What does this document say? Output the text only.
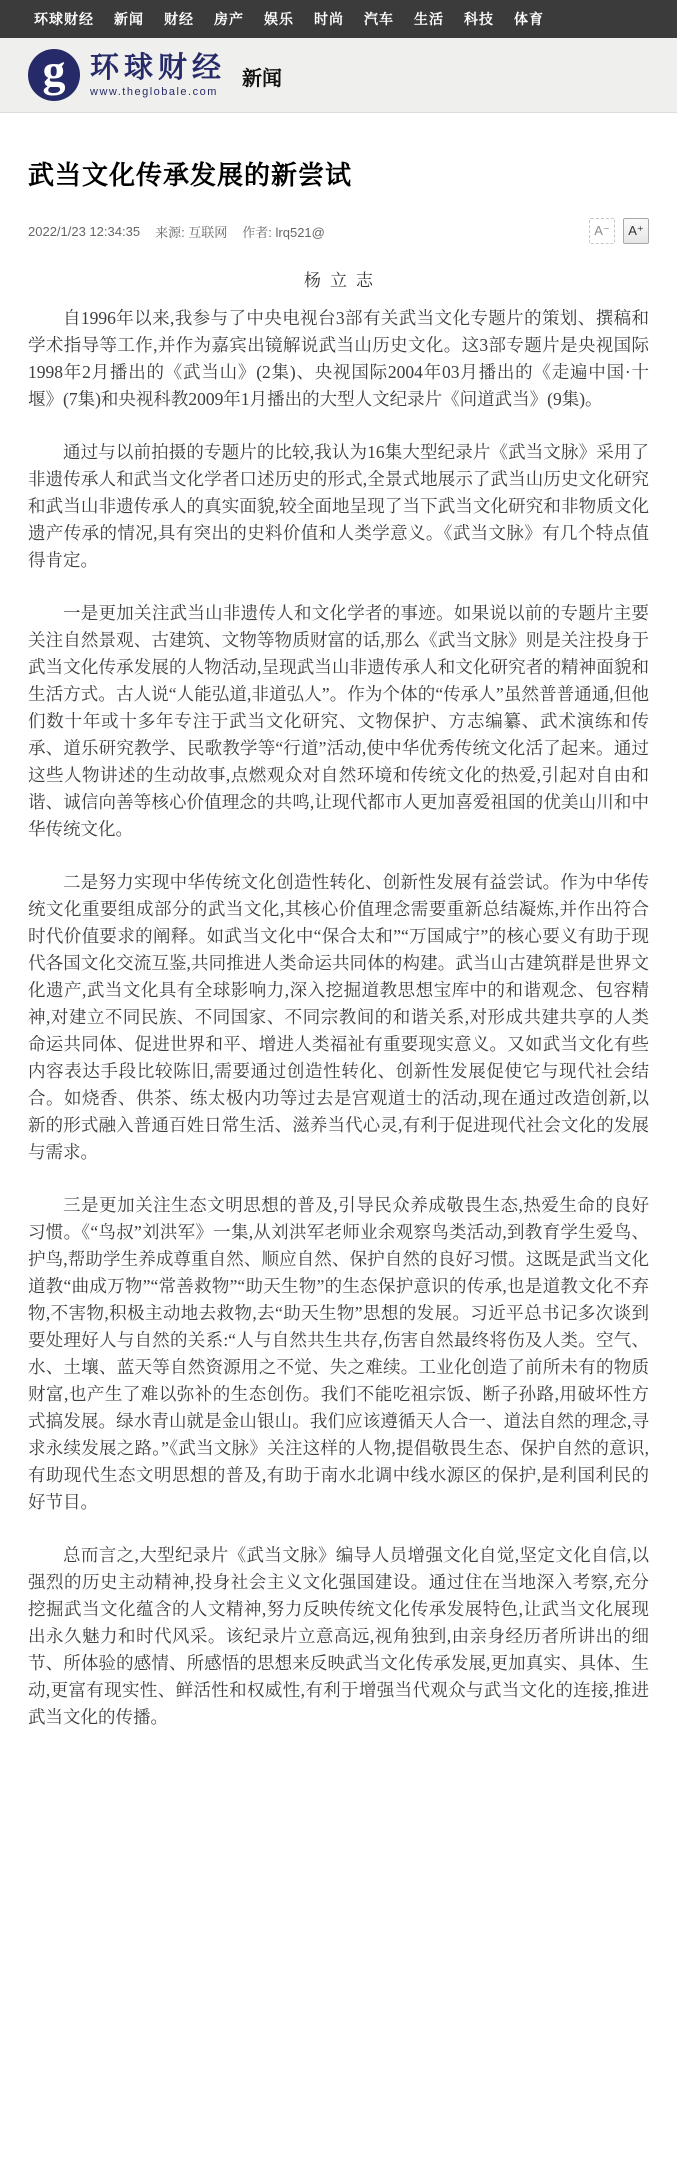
环球财经 新闻 财经 房产 娱乐 时尚 汽车 生活 科技 体育
g 环球财经
www.theglobale.com
新闻
武当文化传承发展的新尝试
2022/1/23 12:34:35 来源: 互联网 作者: lrq521@	A⁻	A⁺
杨立志

自1996年以来,我参与了中央电视台3部有关武当文化专题片的策划、撰稿和学术指导等工作,并作为嘉宾出镜解说武当山历史文化。这3部专题片是央视国际1998年2月播出的《武当山》(2集)、央视国际2004年03月播出的《走遍中国·十堰》(7集)和央视科教2009年1月播出的大型人文纪录片《问道武当》(9集)。

通过与以前拍摄的专题片的比较,我认为16集大型纪录片《武当文脉》采用了非遗传承人和武当文化学者口述历史的形式,全景式地展示了武当山历史文化研究和武当山非遗传承人的真实面貌,较全面地呈现了当下武当文化研究和非物质文化遗产传承的情况,具有突出的史料价值和人类学意义。《武当文脉》有几个特点值得肯定。

一是更加关注武当山非遗传人和文化学者的事迹。如果说以前的专题片主要关注自然景观、古建筑、文物等物质财富的话,那么《武当文脉》则是关注投身于武当文化传承发展的人物活动,呈现武当山非遗传承人和文化研究者的精神面貌和生活方式。古人说“人能弘道,非道弘人”。作为个体的“传承人”虽然普普通通,但他们数十年或十多年专注于武当文化研究、文物保护、方志编纂、武术演练和传承、道乐研究教学、民歌教学等“行道”活动,使中华优秀传统文化活了起来。通过这些人物讲述的生动故事,点燃观众对自然环境和传统文化的热爱,引起对自由和谐、诚信向善等核心价值理念的共鸣,让现代都市人更加喜爱祖国的优美山川和中华传统文化。

二是努力实现中华传统文化创造性转化、创新性发展有益尝试。作为中华传统文化重要组成部分的武当文化,其核心价值理念需要重新总结凝炼,并作出符合时代价值要求的阐释。如武当文化中“保合太和”“万国咸宁”的核心要义有助于现代各国文化交流互鉴,共同推进人类命运共同体的构建。武当山古建筑群是世界文化遗产,武当文化具有全球影响力,深入挖掘道教思想宝库中的和谐观念、包容精神,对建立不同民族、不同国家、不同宗教间的和谐关系,对形成共建共享的人类命运共同体、促进世界和平、增进人类福祉有重要现实意义。又如武当文化有些内容表达手段比较陈旧,需要通过创造性转化、创新性发展促使它与现代社会结合。如烧香、供茶、练太极内功等过去是宫观道士的活动,现在通过改造创新,以新的形式融入普通百姓日常生活、滋养当代心灵,有利于促进现代社会文化的发展与需求。

三是更加关注生态文明思想的普及,引导民众养成敬畏生态,热爱生命的良好习惯。《“鸟叔”刘洪军》一集,从刘洪军老师业余观察鸟类活动,到教育学生爱鸟、护鸟,帮助学生养成尊重自然、顺应自然、保护自然的良好习惯。这既是武当文化道教“曲成万物”“常善救物”“助天生物”的生态保护意识的传承,也是道教文化不弃物,不害物,积极主动地去救物,去“助天生物”思想的发展。习近平总书记多次谈到要处理好人与自然的关系:“人与自然共生共存,伤害自然最终将伤及人类。空气、水、土壤、蓝天等自然资源用之不觉、失之难续。工业化创造了前所未有的物质财富,也产生了难以弥补的生态创伤。我们不能吃祖宗饭、断子孙路,用破坏性方式搞发展。绿水青山就是金山银山。我们应该遵循天人合一、道法自然的理念,寻求永续发展之路。”《武当文脉》关注这样的人物,提倡敬畏生态、保护自然的意识,有助现代生态文明思想的普及,有助于南水北调中线水源区的保护,是利国利民的好节目。

总而言之,大型纪录片《武当文脉》编导人员增强文化自觉,坚定文化自信,以强烈的历史主动精神,投身社会主义文化强国建设。通过住在当地深入考察,充分挖掘武当文化蕴含的人文精神,努力反映传统文化传承发展特色,让武当文化展现出永久魅力和时代风采。该纪录片立意高远,视角独到,由亲身经历者所讲出的细节、所体验的感情、所感悟的思想来反映武当文化传承发展,更加真实、具体、生动,更富有现实性、鲜活性和权威性,有利于增强当代观众与武当文化的连接,推进武当文化的传播。
